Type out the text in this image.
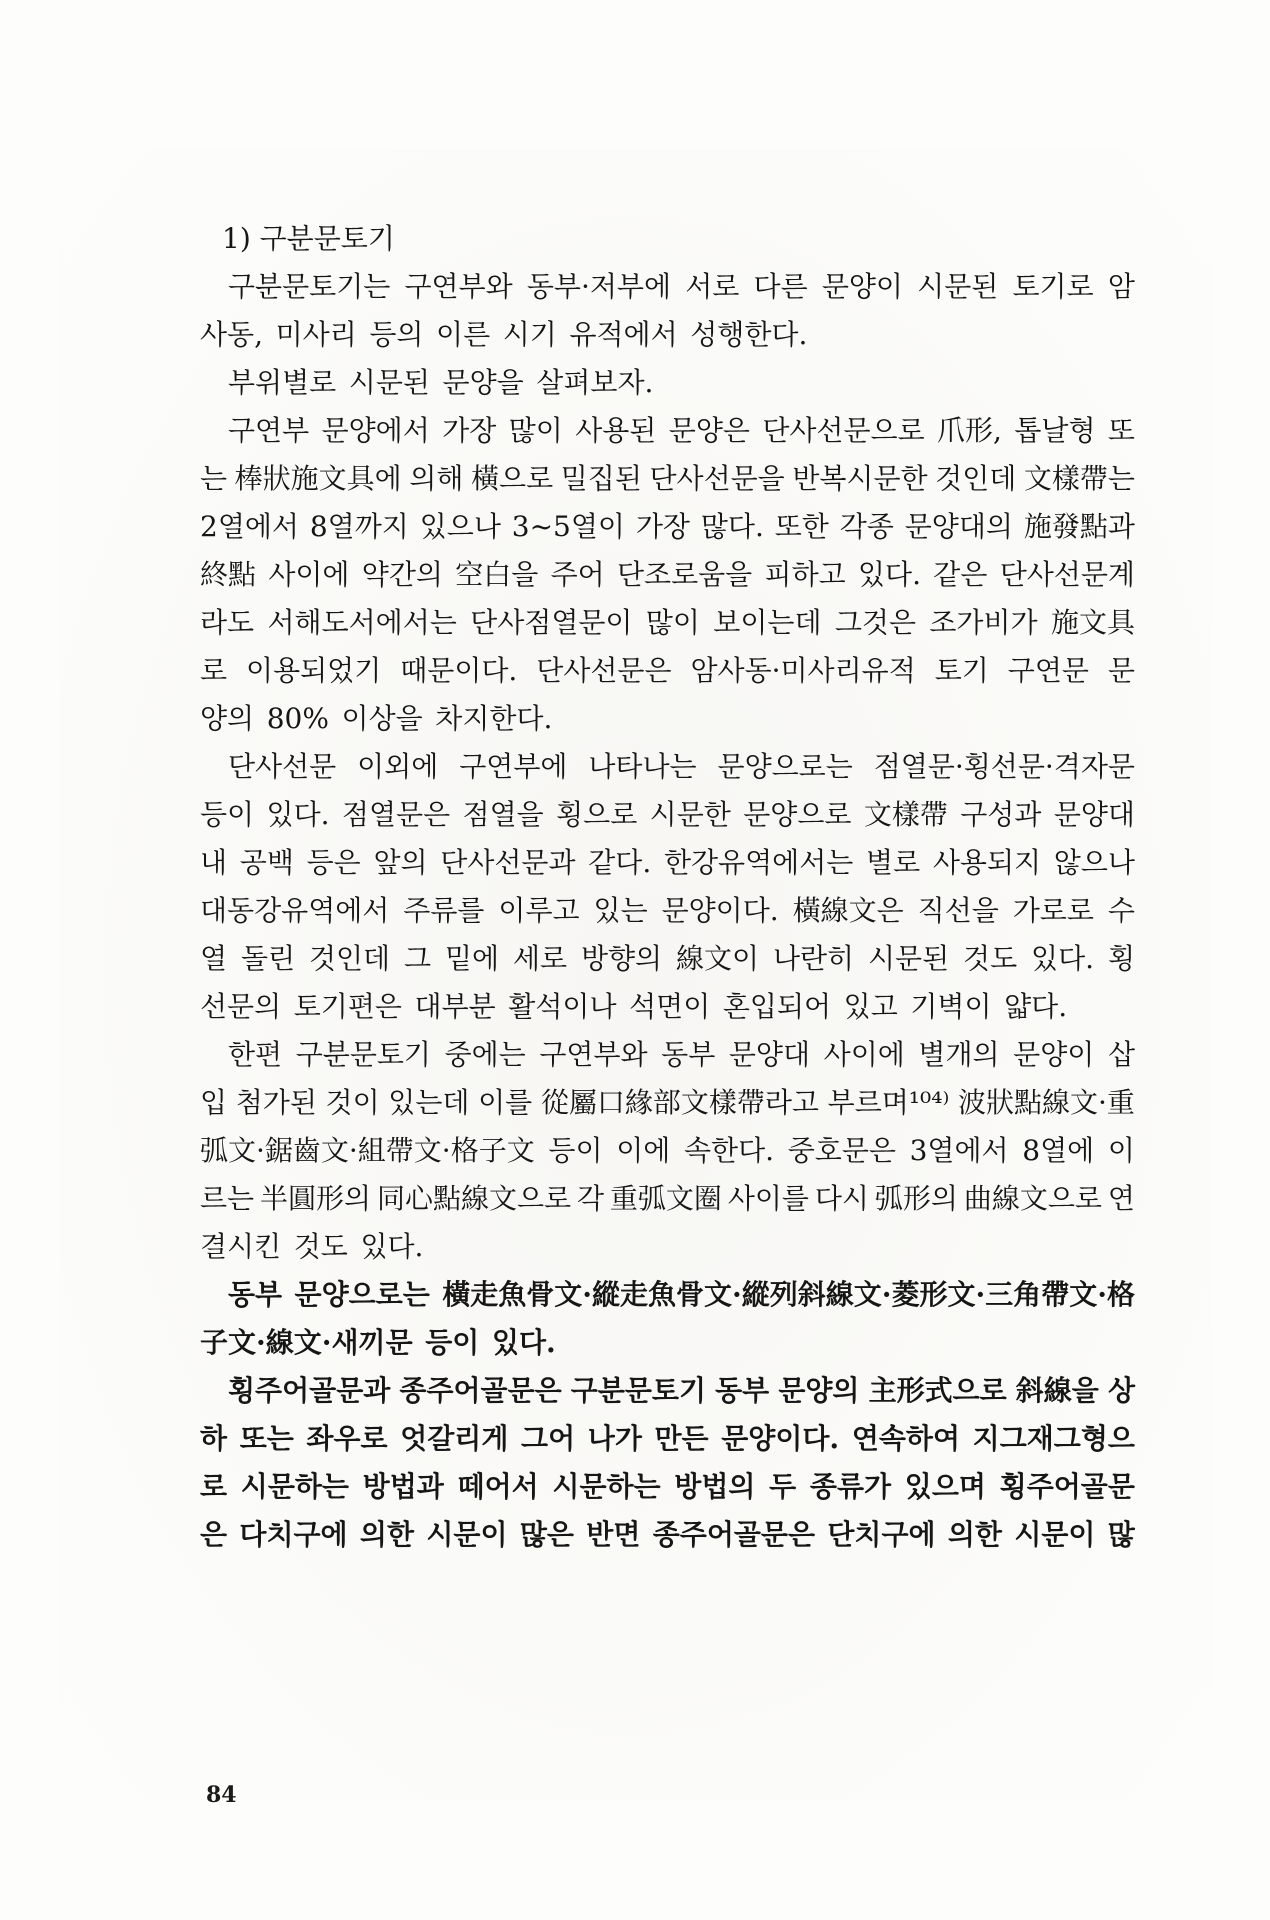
1) 구분문토기
구분문토기는 구연부와 동부·저부에 서로 다른 문양이 시문된 토기로 암
사동, 미사리 등의 이른 시기 유적에서 성행한다.
부위별로 시문된 문양을 살펴보자.
구연부 문양에서 가장 많이 사용된 문양은 단사선문으로 爪形, 톱날형 또
는 棒狀施文具에 의해 橫으로 밀집된 단사선문을 반복시문한 것인데 文樣帶는
2열에서 8열까지 있으나 3~5열이 가장 많다. 또한 각종 문양대의 施發點과
終點 사이에 약간의 空白을 주어 단조로움을 피하고 있다. 같은 단사선문계
라도 서해도서에서는 단사점열문이 많이 보이는데 그것은 조가비가 施文具
로 이용되었기 때문이다. 단사선문은 암사동·미사리유적 토기 구연문 문
양의 80% 이상을 차지한다.
단사선문 이외에 구연부에 나타나는 문양으로는 점열문·횡선문·격자문
등이 있다. 점열문은 점열을 횡으로 시문한 문양으로 文樣帶 구성과 문양대
내 공백 등은 앞의 단사선문과 같다. 한강유역에서는 별로 사용되지 않으나
대동강유역에서 주류를 이루고 있는 문양이다. 橫線文은 직선을 가로로 수
열 돌린 것인데 그 밑에 세로 방향의 線文이 나란히 시문된 것도 있다. 횡
선문의 토기편은 대부분 활석이나 석면이 혼입되어 있고 기벽이 얇다.
한편 구분문토기 중에는 구연부와 동부 문양대 사이에 별개의 문양이 삽
입 첨가된 것이 있는데 이를 從屬口緣部文樣帶라고 부르며¹⁰⁴⁾ 波狀點線文·重
弧文·鋸齒文·組帶文·格子文 등이 이에 속한다. 중호문은 3열에서 8열에 이
르는 半圓形의 同心點線文으로 각 重弧文圈 사이를 다시 弧形의 曲線文으로 연
결시킨 것도 있다.
동부 문양으로는 橫走魚骨文·縱走魚骨文·縱列斜線文·菱形文·三角帶文·格
子文·線文·새끼문 등이 있다.
횡주어골문과 종주어골문은 구분문토기 동부 문양의 主形式으로 斜線을 상
하 또는 좌우로 엇갈리게 그어 나가 만든 문양이다. 연속하여 지그재그형으
로 시문하는 방법과 떼어서 시문하는 방법의 두 종류가 있으며 횡주어골문
은 다치구에 의한 시문이 많은 반면 종주어골문은 단치구에 의한 시문이 많
84
